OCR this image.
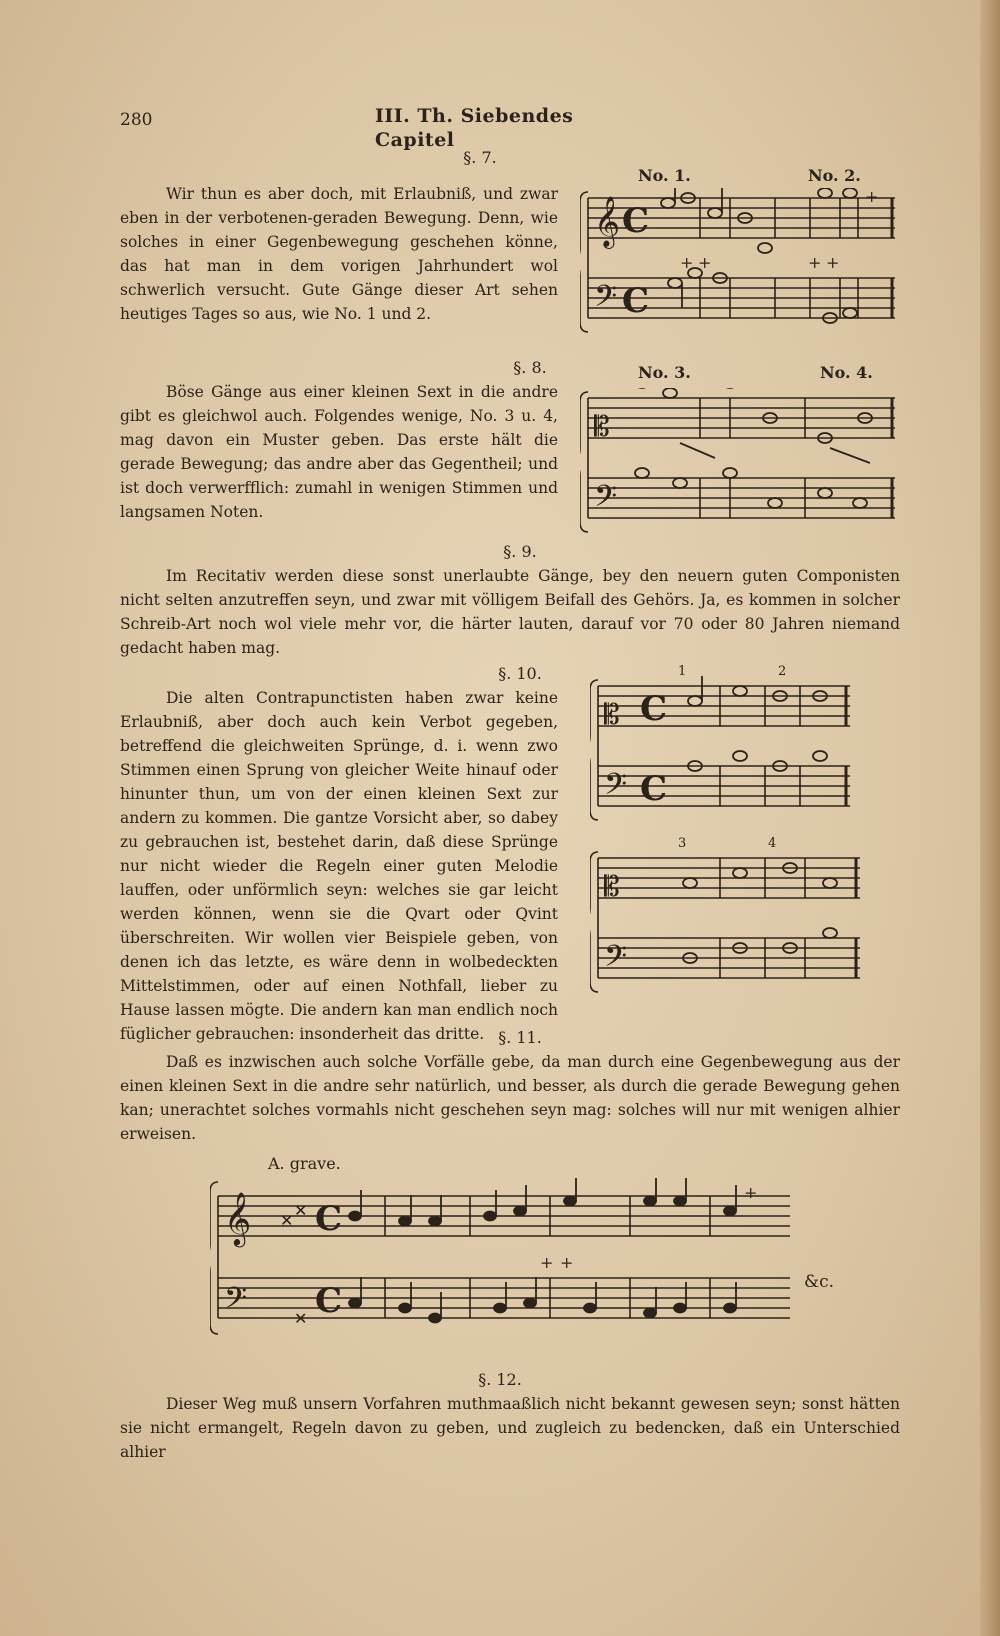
280	III. Th. Siebendes Capitel
§. 7.

Wir thun es aber doch, mit Erlaubniß, und zwar eben in der verbotenen-geraden Bewegung. Denn, wie solches in einer Gegenbewegung geschehen könne, das hat man in dem vorigen Jahrhundert wol schwerlich versucht. Gute Gänge dieser Art sehen heutiges Tages so aus, wie No. 1 und 2.

No. 1.	No. 2.
𝄞 C
𝄢 C
+ +	+ +
+
§. 8.

Böse Gänge aus einer kleinen Sext in die andre gibt es gleichwol auch. Folgendes wenige, No. 3 u. 4, mag davon ein Muster geben. Das erste hält die gerade Bewegung; das andre aber das Gegentheil; und ist doch verwerfflich: zumahl in wenigen Stimmen und langsamen Noten.

No. 3.	No. 4.
𝄡
𝄢
§. 9.

Im Recitativ werden diese sonst unerlaubte Gänge, bey den neuern guten Componisten nicht selten anzutreffen seyn, und zwar mit völligem Beifall des Gehörs. Ja, es kommen in solcher Schreib-Art noch wol viele mehr vor, die härter lauten, darauf vor 70 oder 80 Jahren niemand gedacht haben mag.

§. 10.

Die alten Contrapunctisten haben zwar keine Erlaubniß, aber doch auch kein Verbot gegeben, betreffend die gleichweiten Sprünge, d. i. wenn zwo Stimmen einen Sprung von gleicher Weite hinauf oder hinunter thun, um von der einen kleinen Sext zur andern zu kommen. Die gantze Vorsicht aber, so dabey zu gebrauchen ist, bestehet darin, daß diese Sprünge nur nicht wieder die Regeln einer guten Melodie lauffen, oder unförmlich seyn: welches sie gar leicht werden können, wenn sie die Qvart oder Qvint überschreiten. Wir wollen vier Beispiele geben, von denen ich das letzte, es wäre denn in wolbedeckten Mittelstimmen, oder auf einen Nothfall, lieber zu Hause lassen mögte. Die andern kan man endlich noch füglicher gebrauchen: insonderheit das dritte.

1	2
𝄡 C
𝄢 C
3	4
𝄡
𝄢
§. 11.

Daß es inzwischen auch solche Vorfälle gebe, da man durch eine Gegenbewegung aus der einen kleinen Sext in die andre sehr natürlich, und besser, als durch die gerade Bewegung gehen kan; unerachtet solches vormahls nicht geschehen seyn mag: solches will nur mit wenigen alhier erweisen.

A. grave.
𝄞 ✕
✕ C
𝄢	✕ C
+ +
+
&c.
§. 12.

Dieser Weg muß unsern Vorfahren muthmaaßlich nicht bekannt gewesen seyn; sonst hätten sie nicht ermangelt, Regeln davon zu geben, und zugleich zu bedencken, daß ein Unterschied alhier
